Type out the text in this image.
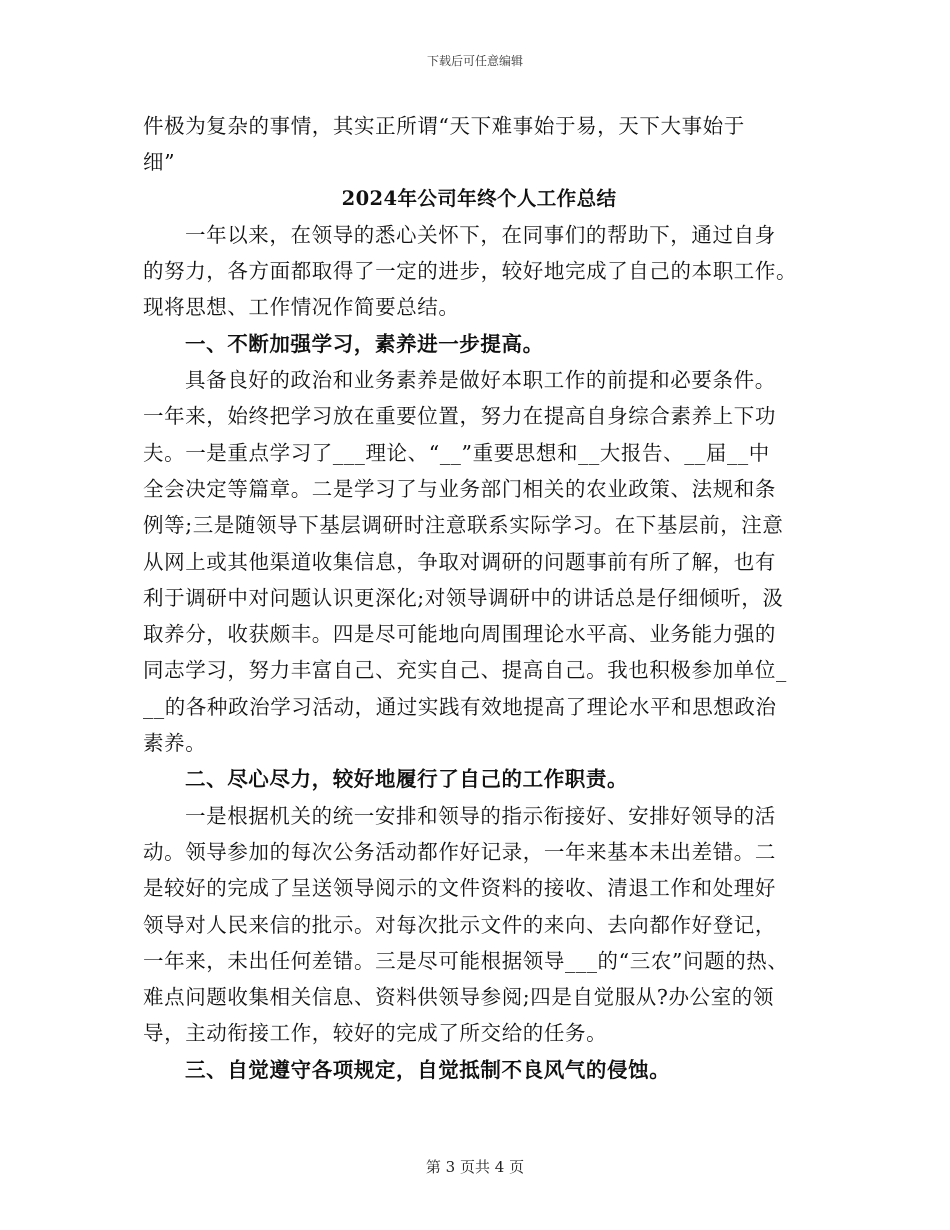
下载后可任意编辑
件极为复杂的事情，其实正所谓“天下难事始于易，天下大事始于
细”
2024年公司年终个人工作总结
一年以来，在领导的悉心关怀下，在同事们的帮助下，通过自身
的努力，各方面都取得了一定的进步，较好地完成了自己的本职工作。
现将思想、工作情况作简要总结。
一、不断加强学习，素养进一步提高。
具备良好的政治和业务素养是做好本职工作的前提和必要条件。
一年来，始终把学习放在重要位置，努力在提高自身综合素养上下功
夫。一是重点学习了___理论、“__”重要思想和__大报告、__届__中
全会决定等篇章。二是学习了与业务部门相关的农业政策、法规和条
例等;三是随领导下基层调研时注意联系实际学习。在下基层前，注意
从网上或其他渠道收集信息，争取对调研的问题事前有所了解，也有
利于调研中对问题认识更深化;对领导调研中的讲话总是仔细倾听，汲
取养分，收获颇丰。四是尽可能地向周围理论水平高、业务能力强的
同志学习，努力丰富自己、充实自己、提高自己。我也积极参加单位_
__的各种政治学习活动，通过实践有效地提高了理论水平和思想政治
素养。
二、尽心尽力，较好地履行了自己的工作职责。
一是根据机关的统一安排和领导的指示衔接好、安排好领导的活
动。领导参加的每次公务活动都作好记录，一年来基本未出差错。二
是较好的完成了呈送领导阅示的文件资料的接收、清退工作和处理好
领导对人民来信的批示。对每次批示文件的来向、去向都作好登记，
一年来，未出任何差错。三是尽可能根据领导___的“三农”问题的热、
难点问题收集相关信息、资料供领导参阅;四是自觉服从?办公室的领
导，主动衔接工作，较好的完成了所交给的任务。
三、自觉遵守各项规定，自觉抵制不良风气的侵蚀。
第 3 页共 4 页
